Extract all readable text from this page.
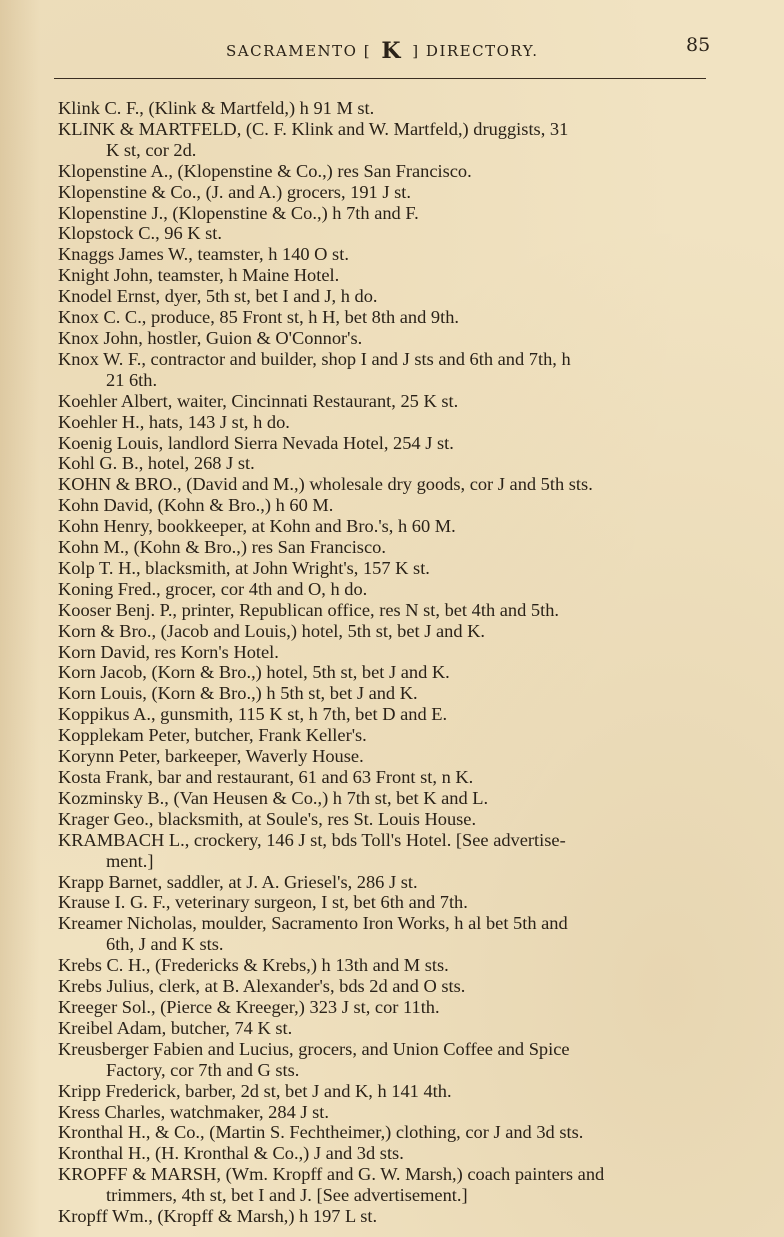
SACRAMENTO [ K ] DIRECTORY.	85
Klink C. F., (Klink & Martfeld,) h 91 M st.
KLINK & MARTFELD, (C. F. Klink and W. Martfeld,) druggists, 31
K st, cor 2d.
Klopenstine A., (Klopenstine & Co.,) res San Francisco.
Klopenstine & Co., (J. and A.) grocers, 191 J st.
Klopenstine J., (Klopenstine & Co.,) h 7th and F.
Klopstock C., 96 K st.
Knaggs James W., teamster, h 140 O st.
Knight John, teamster, h Maine Hotel.
Knodel Ernst, dyer, 5th st, bet I and J, h do.
Knox C. C., produce, 85 Front st, h H, bet 8th and 9th.
Knox John, hostler, Guion & O'Connor's.
Knox W. F., contractor and builder, shop I and J sts and 6th and 7th, h
21 6th.
Koehler Albert, waiter, Cincinnati Restaurant, 25 K st.
Koehler H., hats, 143 J st, h do.
Koenig Louis, landlord Sierra Nevada Hotel, 254 J st.
Kohl G. B., hotel, 268 J st.
KOHN & BRO., (David and M.,) wholesale dry goods, cor J and 5th sts.
Kohn David, (Kohn & Bro.,) h 60 M.
Kohn Henry, bookkeeper, at Kohn and Bro.'s, h 60 M.
Kohn M., (Kohn & Bro.,) res San Francisco.
Kolp T. H., blacksmith, at John Wright's, 157 K st.
Koning Fred., grocer, cor 4th and O, h do.
Kooser Benj. P., printer, Republican office, res N st, bet 4th and 5th.
Korn & Bro., (Jacob and Louis,) hotel, 5th st, bet J and K.
Korn David, res Korn's Hotel.
Korn Jacob, (Korn & Bro.,) hotel, 5th st, bet J and K.
Korn Louis, (Korn & Bro.,) h 5th st, bet J and K.
Koppikus A., gunsmith, 115 K st, h 7th, bet D and E.
Kopplekam Peter, butcher, Frank Keller's.
Korynn Peter, barkeeper, Waverly House.
Kosta Frank, bar and restaurant, 61 and 63 Front st, n K.
Kozminsky B., (Van Heusen & Co.,) h 7th st, bet K and L.
Krager Geo., blacksmith, at Soule's, res St. Louis House.
KRAMBACH L., crockery, 146 J st, bds Toll's Hotel. [See advertise-
ment.]
Krapp Barnet, saddler, at J. A. Griesel's, 286 J st.
Krause I. G. F., veterinary surgeon, I st, bet 6th and 7th.
Kreamer Nicholas, moulder, Sacramento Iron Works, h al bet 5th and
6th, J and K sts.
Krebs C. H., (Fredericks & Krebs,) h 13th and M sts.
Krebs Julius, clerk, at B. Alexander's, bds 2d and O sts.
Kreeger Sol., (Pierce & Kreeger,) 323 J st, cor 11th.
Kreibel Adam, butcher, 74 K st.
Kreusberger Fabien and Lucius, grocers, and Union Coffee and Spice
Factory, cor 7th and G sts.
Kripp Frederick, barber, 2d st, bet J and K, h 141 4th.
Kress Charles, watchmaker, 284 J st.
Kronthal H., & Co., (Martin S. Fechtheimer,) clothing, cor J and 3d sts.
Kronthal H., (H. Kronthal & Co.,) J and 3d sts.
KROPFF & MARSH, (Wm. Kropff and G. W. Marsh,) coach painters and
trimmers, 4th st, bet I and J. [See advertisement.]
Kropff Wm., (Kropff & Marsh,) h 197 L st.
